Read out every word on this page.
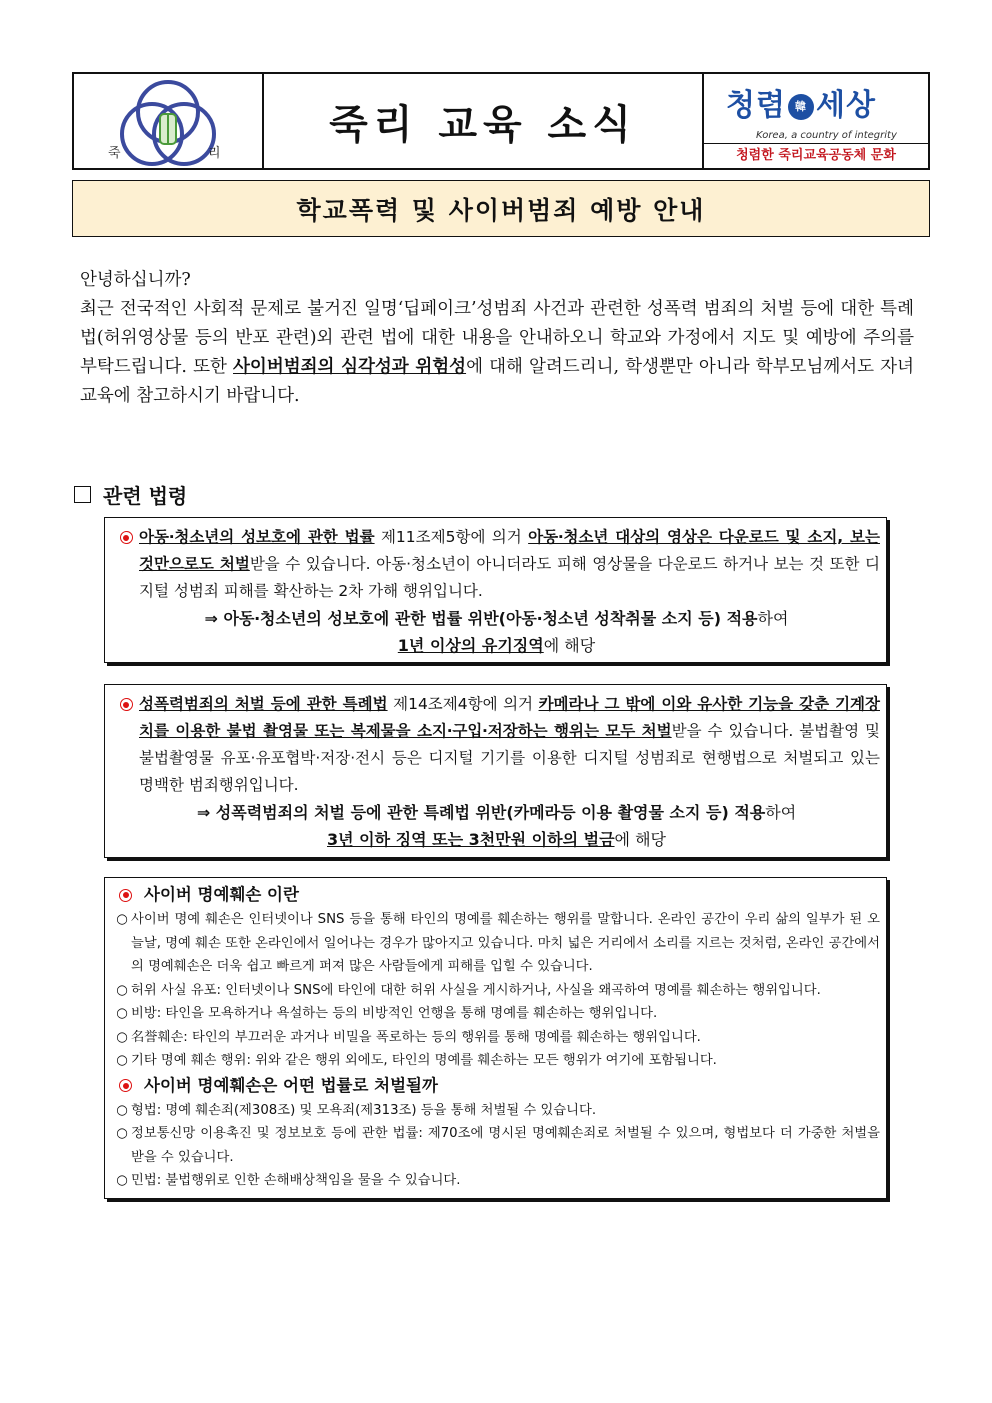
죽	리
죽리 교육 소식	청렴 韓 세상
Korea, a country of integrity
청렴한 죽리교육공동체 문화
학교폭력 및 사이버범죄 예방 안내

안녕하십니까?

최근 전국적인 사회적 문제로 불거진 일명‘딥페이크’성범죄 사건과 관련한 성폭력 범죄의 처벌 등에 대한 특례법(허위영상물 등의 반포 관련)외 관련 법에 대한 내용을 안내하오니 학교와 가정에서 지도 및 예방에 주의를 부탁드립니다. 또한 사이버범죄의 심각성과 위험성에 대해 알려드리니, 학생뿐만 아니라 학부모님께서도 자녀 교육에 참고하시기 바랍니다.

관련 법령
아동‧청소년의 성보호에 관한 법률 제11조제5항에 의거 아동‧청소년 대상의 영상은 다운로드 및 소지, 보는 것만으로도 처벌받을 수 있습니다. 아동‧청소년이 아니더라도 피해 영상물을 다운로드 하거나 보는 것 또한 디지털 성범죄 피해를 확산하는 2차 가해 행위입니다.
⇒ 아동‧청소년의 성보호에 관한 법률 위반(아동‧청소년 성착취물 소지 등) 적용하여
1년 이상의 유기징역에 해당
성폭력범죄의 처벌 등에 관한 특례법 제14조제4항에 의거 카메라나 그 밖에 이와 유사한 기능을 갖춘 기계장치를 이용한 불법 촬영물 또는 복제물을 소지‧구입‧저장하는 행위는 모두 처벌받을 수 있습니다. 불법촬영 및 불법촬영물 유포‧유포협박‧저장‧전시 등은 디지털 기기를 이용한 디지털 성범죄로 현행법으로 처벌되고 있는 명백한 범죄행위입니다.
⇒ 성폭력범죄의 처벌 등에 관한 특례법 위반(카메라등 이용 촬영물 소지 등) 적용하여
3년 이하 징역 또는 3천만원 이하의 벌금에 해당
사이버 명예훼손 이란
○ 사이버 명예 훼손은 인터넷이나 SNS 등을 통해 타인의 명예를 훼손하는 행위를 말합니다. 온라인 공간이 우리 삶의 일부가 된 오늘날, 명예 훼손 또한 온라인에서 일어나는 경우가 많아지고 있습니다. 마치 넓은 거리에서 소리를 지르는 것처럼, 온라인 공간에서의 명예훼손은 더욱 쉽고 빠르게 퍼져 많은 사람들에게 피해를 입힐 수 있습니다.
○ 허위 사실 유포: 인터넷이나 SNS에 타인에 대한 허위 사실을 게시하거나, 사실을 왜곡하여 명예를 훼손하는 행위입니다.
○ 비방: 타인을 모욕하거나 욕설하는 등의 비방적인 언행을 통해 명예를 훼손하는 행위입니다.
○ 名誉훼손: 타인의 부끄러운 과거나 비밀을 폭로하는 등의 행위를 통해 명예를 훼손하는 행위입니다.
○ 기타 명예 훼손 행위: 위와 같은 행위 외에도, 타인의 명예를 훼손하는 모든 행위가 여기에 포함됩니다.
사이버 명예훼손은 어떤 법률로 처벌될까
○ 형법: 명예 훼손죄(제308조) 및 모욕죄(제313조) 등을 통해 처벌될 수 있습니다.
○ 정보통신망 이용촉진 및 정보보호 등에 관한 법률: 제70조에 명시된 명예훼손죄로 처벌될 수 있으며, 형법보다 더 가중한 처벌을 받을 수 있습니다.
○ 민법: 불법행위로 인한 손해배상책임을 물을 수 있습니다.
